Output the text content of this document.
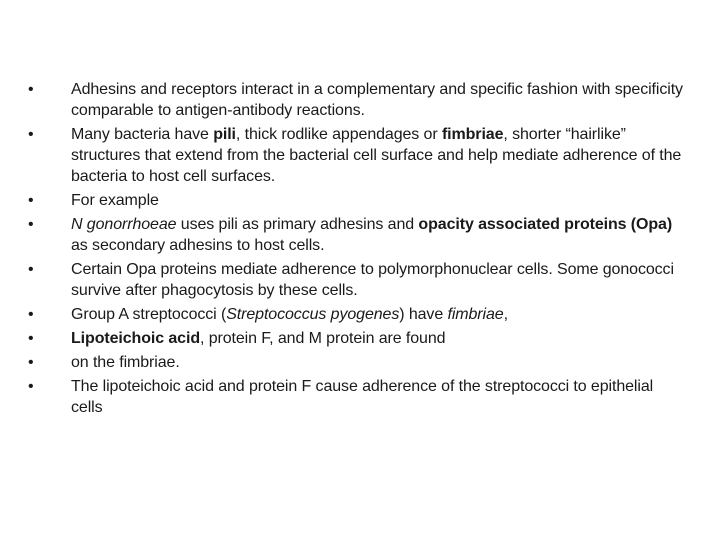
•	Adhesins and receptors interact in a complementary and specific fashion with specificity comparable to antigen-antibody reactions.
•	Many bacteria have pili, thick rodlike appendages or fimbriae, shorter “hairlike” structures that extend from the bacterial cell surface and help mediate adherence of the bacteria to host cell surfaces.
•	For example
•	N gonorrhoeae uses pili as primary adhesins and opacity associated proteins (Opa) as secondary adhesins to host cells.
•	Certain Opa proteins mediate adherence to polymorphonuclear cells. Some gonococci survive after phagocytosis by these cells.
•	Group A streptococci (Streptococcus pyogenes) have fimbriae,
•	Lipoteichoic acid, protein F, and M protein are found
•	on the fimbriae.
•	The lipoteichoic acid and protein F cause adherence of the streptococci to epithelial cells
